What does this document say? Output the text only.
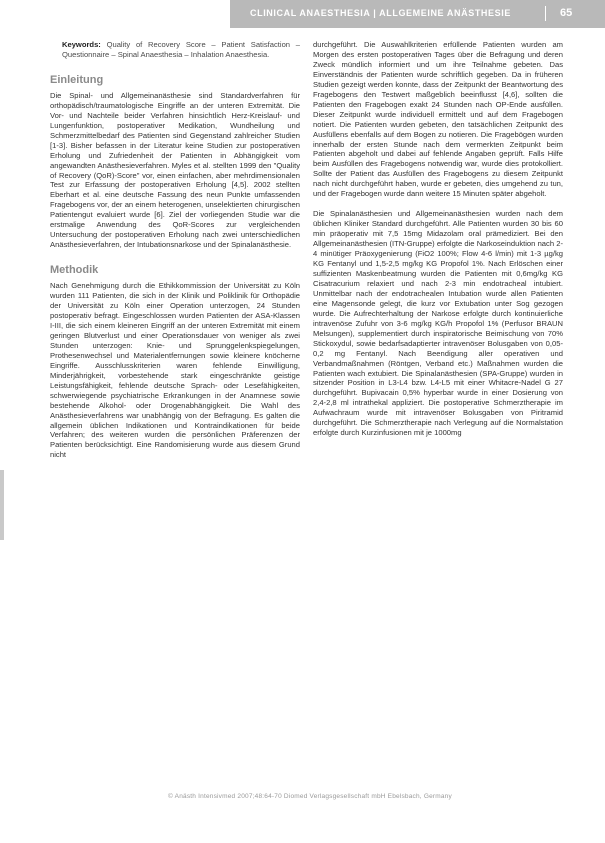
CLINICAL ANAESTHESIA | ALLGEMEINE ANÄSTHESIE	65

Keywords: Quality of Recovery Score – Patient Satisfaction – Questionnaire – Spinal Anaesthesia – Inhalation Anaesthesia.

Einleitung

Die Spinal- und Allgemeinanästhesie sind Standardverfahren für orthopädisch/traumatologische Eingriffe an der unteren Extremität. Die Vor- und Nachteile beider Verfahren hinsichtlich Herz-Kreislauf- und Lungenfunktion, postoperativer Medikation, Wundheilung und Schmerzmittelbedarf des Patienten sind Gegenstand zahlreicher Studien [1-3]. Bisher befassen in der Literatur keine Studien zur postoperativen Erholung und Zufriedenheit der Patienten in Abhängigkeit vom angewandten Anästhesieverfahren. Myles et al. stellten 1999 den "Quality of Recovery (QoR)-Score" vor, einen einfachen, aber mehrdimensionalen Test zur Erfassung der postoperativen Erholung [4,5]. 2002 stellten Eberhart et al. eine deutsche Fassung des neun Punkte umfassenden Fragebogens vor, der an einem heterogenen, unselektierten chirurgischen Patientengut evaluiert wurde [6]. Ziel der vorliegenden Studie war die erstmalige Anwendung des QoR-Scores zur vergleichenden Untersuchung der postoperativen Erholung nach zwei unterschiedlichen Anästhesieverfahren, der Intubationsnarkose und der Spinalanästhesie.

Methodik

Nach Genehmigung durch die Ethikkommission der Universität zu Köln wurden 111 Patienten, die sich in der Klinik und Poliklinik für Orthopädie der Universität zu Köln einer Operation unterzogen, 24 Stunden postoperativ befragt. Eingeschlossen wurden Patienten der ASA-Klassen I-III, die sich einem kleineren Eingriff an der unteren Extremität mit einem geringen Blutverlust und einer Operationsdauer von weniger als zwei Stunden unterzogen: Knie- und Sprunggelenkspiegelungen, Prothesenwechsel und Materialentfernungen sowie kleinere knöcherne Eingriffe. Ausschlusskriterien waren fehlende Einwilligung, Minderjährigkeit, vorbestehende stark eingeschränkte geistige Leistungsfähigkeit, fehlende deutsche Sprach- oder Lesefähigkeiten, schwerwiegende psychiatrische Erkrankungen in der Anamnese sowie bestehende Alkohol- oder Drogenabhängigkeit. Die Wahl des Anästhesieverfahrens war unabhängig von der Befragung. Es galten die allgemein üblichen Indikationen und Kontraindikationen für beide Verfahren; des weiteren wurden die persönlichen Präferenzen der Patienten berücksichtigt. Eine Randomisierung wurde aus diesem Grund nicht

durchgeführt. Die Auswahlkriterien erfüllende Patienten wurden am Morgen des ersten postoperativen Tages über die Befragung und deren Zweck mündlich informiert und um ihre Teilnahme gebeten. Das Einverständnis der Patienten wurde schriftlich gegeben. Da in früheren Studien gezeigt werden konnte, dass der Zeitpunkt der Beantwortung des Fragebogens den Testwert maßgeblich beeinflusst [4,6], sollten die Patienten den Fragebogen exakt 24 Stunden nach OP-Ende ausfüllen. Dieser Zeitpunkt wurde individuell ermittelt und auf dem Fragebogen notiert. Die Patienten wurden gebeten, den tatsächlichen Zeitpunkt des Ausfüllens ebenfalls auf dem Bogen zu notieren. Die Fragebögen wurden innerhalb der ersten Stunde nach dem vermerkten Zeitpunkt beim Patienten abgeholt und dabei auf fehlende Angaben geprüft. Falls Hilfe beim Ausfüllen des Fragebogens notwendig war, wurde dies protokolliert. Sollte der Patient das Ausfüllen des Fragebogens zu diesem Zeitpunkt nach nicht durchgeführt haben, wurde er gebeten, dies umgehend zu tun, und der Fragebogen wurde dann weitere 15 Minuten später abgeholt.

Die Spinalanästhesien und Allgemeinanästhesien wurden nach dem üblichen Kliniker Standard durchgeführt. Alle Patienten wurden 30 bis 60 min präoperativ mit 7,5 15mg Midazolam oral prämediziert. Bei den Allgemeinanästhesien (ITN-Gruppe) erfolgte die Narkoseinduktion nach 2-4 minütiger Präoxygenierung (FiO2 100%; Flow 4-6 l/min) mit 1-3 µg/kg KG Fentanyl und 1,5-2,5 mg/kg KG Propofol 1%. Nach Erlöschen einer suffizienten Maskenbeatmung wurden die Patienten mit 0,6mg/kg KG Cisatracurium relaxiert und nach 2-3 min endotracheal intubiert. Unmittelbar nach der endotrachealen Intubation wurde allen Patienten eine Magensonde gelegt, die kurz vor Extubation unter Sog gezogen wurde. Die Aufrechterhaltung der Narkose erfolgte durch kontinuierliche intravenöse Zufuhr von 3-6 mg/kg KG/h Propofol 1% (Perfusor BRAUN Melsungen), supplementiert durch inspiratorische Beimischung von 70% Stickoxydul, sowie bedarfsadaptierter intravenöser Bolusgaben von 0,05-0,2 mg Fentanyl. Nach Beendigung aller operativen und Verbandmaßnahmen (Röntgen, Verband etc.) Maßnahmen wurden die Patienten wach extubiert. Die Spinalanästhesien (SPA-Gruppe) wurden in sitzender Position in L3-L4 bzw. L4-L5 mit einer Whitacre-Nadel G 27 durchgeführt. Bupivacain 0,5% hyperbar wurde in einer Dosierung von 2,4-2,8 ml intrathekal appliziert. Die postoperative Schmerztherapie im Aufwachraum wurde mit intravenöser Bolusgaben von Piritramid durchgeführt. Die Schmerztherapie nach Verlegung auf die Normalstation erfolgte durch Kurzinfusionen mit je 1000mg

© Anästh Intensivmed 2007;48:64-70 Diomed Verlagsgesellschaft mbH Ebelsbach, Germany
